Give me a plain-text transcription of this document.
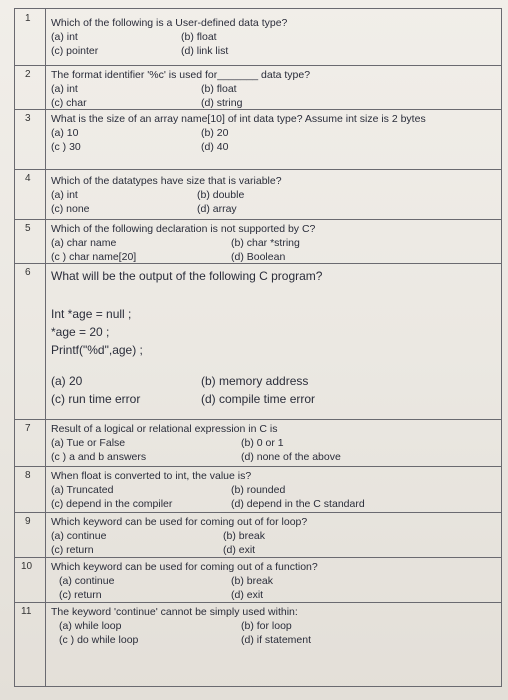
1 Which of the following is a User-defined data type?
(a) int	(b) float
(c) pointer	(d) link list
2 The format identifier '%c' is used for_______ data type?
(a) int	(b) float
(c) char	(d) string
3 What is the size of an array name[10] of int data type? Assume int size is 2 bytes
(a) 10	(b) 20
(c ) 30	(d) 40
4 Which of the datatypes have size that is variable?
(a) int	(b) double
(c) none	(d) array
5 Which of the following declaration is not supported by C?
(a) char name	(b) char *string
(c ) char name[20]	(d) Boolean
6 What will be the output of the following C program?
Int *age = null ;
*age = 20 ;
Printf("%d",age) ;
(a) 20	(b) memory address
(c) run time error	(d) compile time error
7 Result of a logical or relational expression in C is
(a) Tue or False	(b) 0 or 1
(c ) a and b answers	(d) none of the above
8 When float is converted to int, the value is?
(a) Truncated	(b) rounded
(c) depend in the compiler	(d) depend in the C standard
9 Which keyword can be used for coming out of for loop?
(a) continue	(b) break
(c) return	(d) exit
10 Which keyword can be used for coming out of a function?
(a) continue	(b) break
(c) return	(d) exit
11 The keyword 'continue' cannot be simply used within:
(a) while loop	(b) for loop
(c ) do while loop	(d) if statement
